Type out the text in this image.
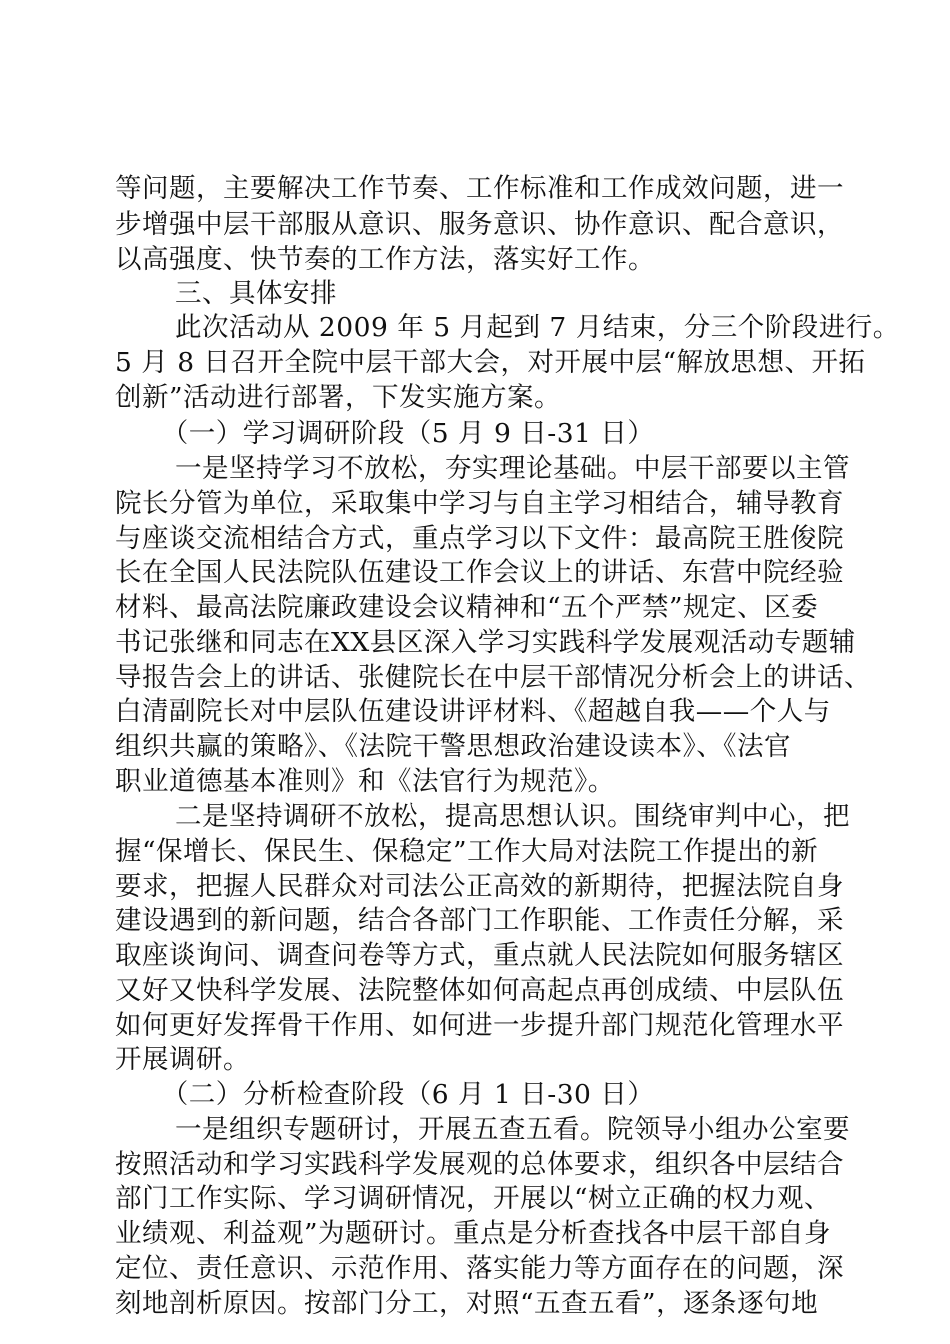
等问题，主要解决工作节奏、工作标准和工作成效问题，进一
步增强中层干部服从意识、服务意识、协作意识、配合意识，
以高强度、快节奏的工作方法，落实好工作。
　三、具体安排
　此次活动从 2009 年 5 月起到 7 月结束，分三个阶段进行。
5 月 8 日召开全院中层干部大会，对开展中层“解放思想、开拓
创新”活动进行部署，下发实施方案。
　（一）学习调研阶段（5 月 9 日-31 日）
　一是坚持学习不放松，夯实理论基础。中层干部要以主管
院长分管为单位，采取集中学习与自主学习相结合，辅导教育
与座谈交流相结合方式，重点学习以下文件：最高院王胜俊院
长在全国人民法院队伍建设工作会议上的讲话、东营中院经验
材料、最高法院廉政建设会议精神和“五个严禁”规定、区委
书记张继和同志在XX县区深入学习实践科学发展观活动专题辅
导报告会上的讲话、张健院长在中层干部情况分析会上的讲话、
白清副院长对中层队伍建设讲评材料、《超越自我——个人与
组织共赢的策略》、《法院干警思想政治建设读本》、《法官
职业道德基本准则》和《法官行为规范》。
　二是坚持调研不放松，提高思想认识。围绕审判中心，把
握“保增长、保民生、保稳定”工作大局对法院工作提出的新
要求，把握人民群众对司法公正高效的新期待，把握法院自身
建设遇到的新问题，结合各部门工作职能、工作责任分解，采
取座谈询问、调查问卷等方式，重点就人民法院如何服务辖区
又好又快科学发展、法院整体如何高起点再创成绩、中层队伍
如何更好发挥骨干作用、如何进一步提升部门规范化管理水平
开展调研。
　（二）分析检查阶段（6 月 1 日-30 日）
　一是组织专题研讨，开展五查五看。院领导小组办公室要
按照活动和学习实践科学发展观的总体要求，组织各中层结合
部门工作实际、学习调研情况，开展以“树立正确的权力观、
业绩观、利益观”为题研讨。重点是分析查找各中层干部自身
定位、责任意识、示范作用、落实能力等方面存在的问题，深
刻地剖析原因。按部门分工，对照“五查五看”，逐条逐句地
